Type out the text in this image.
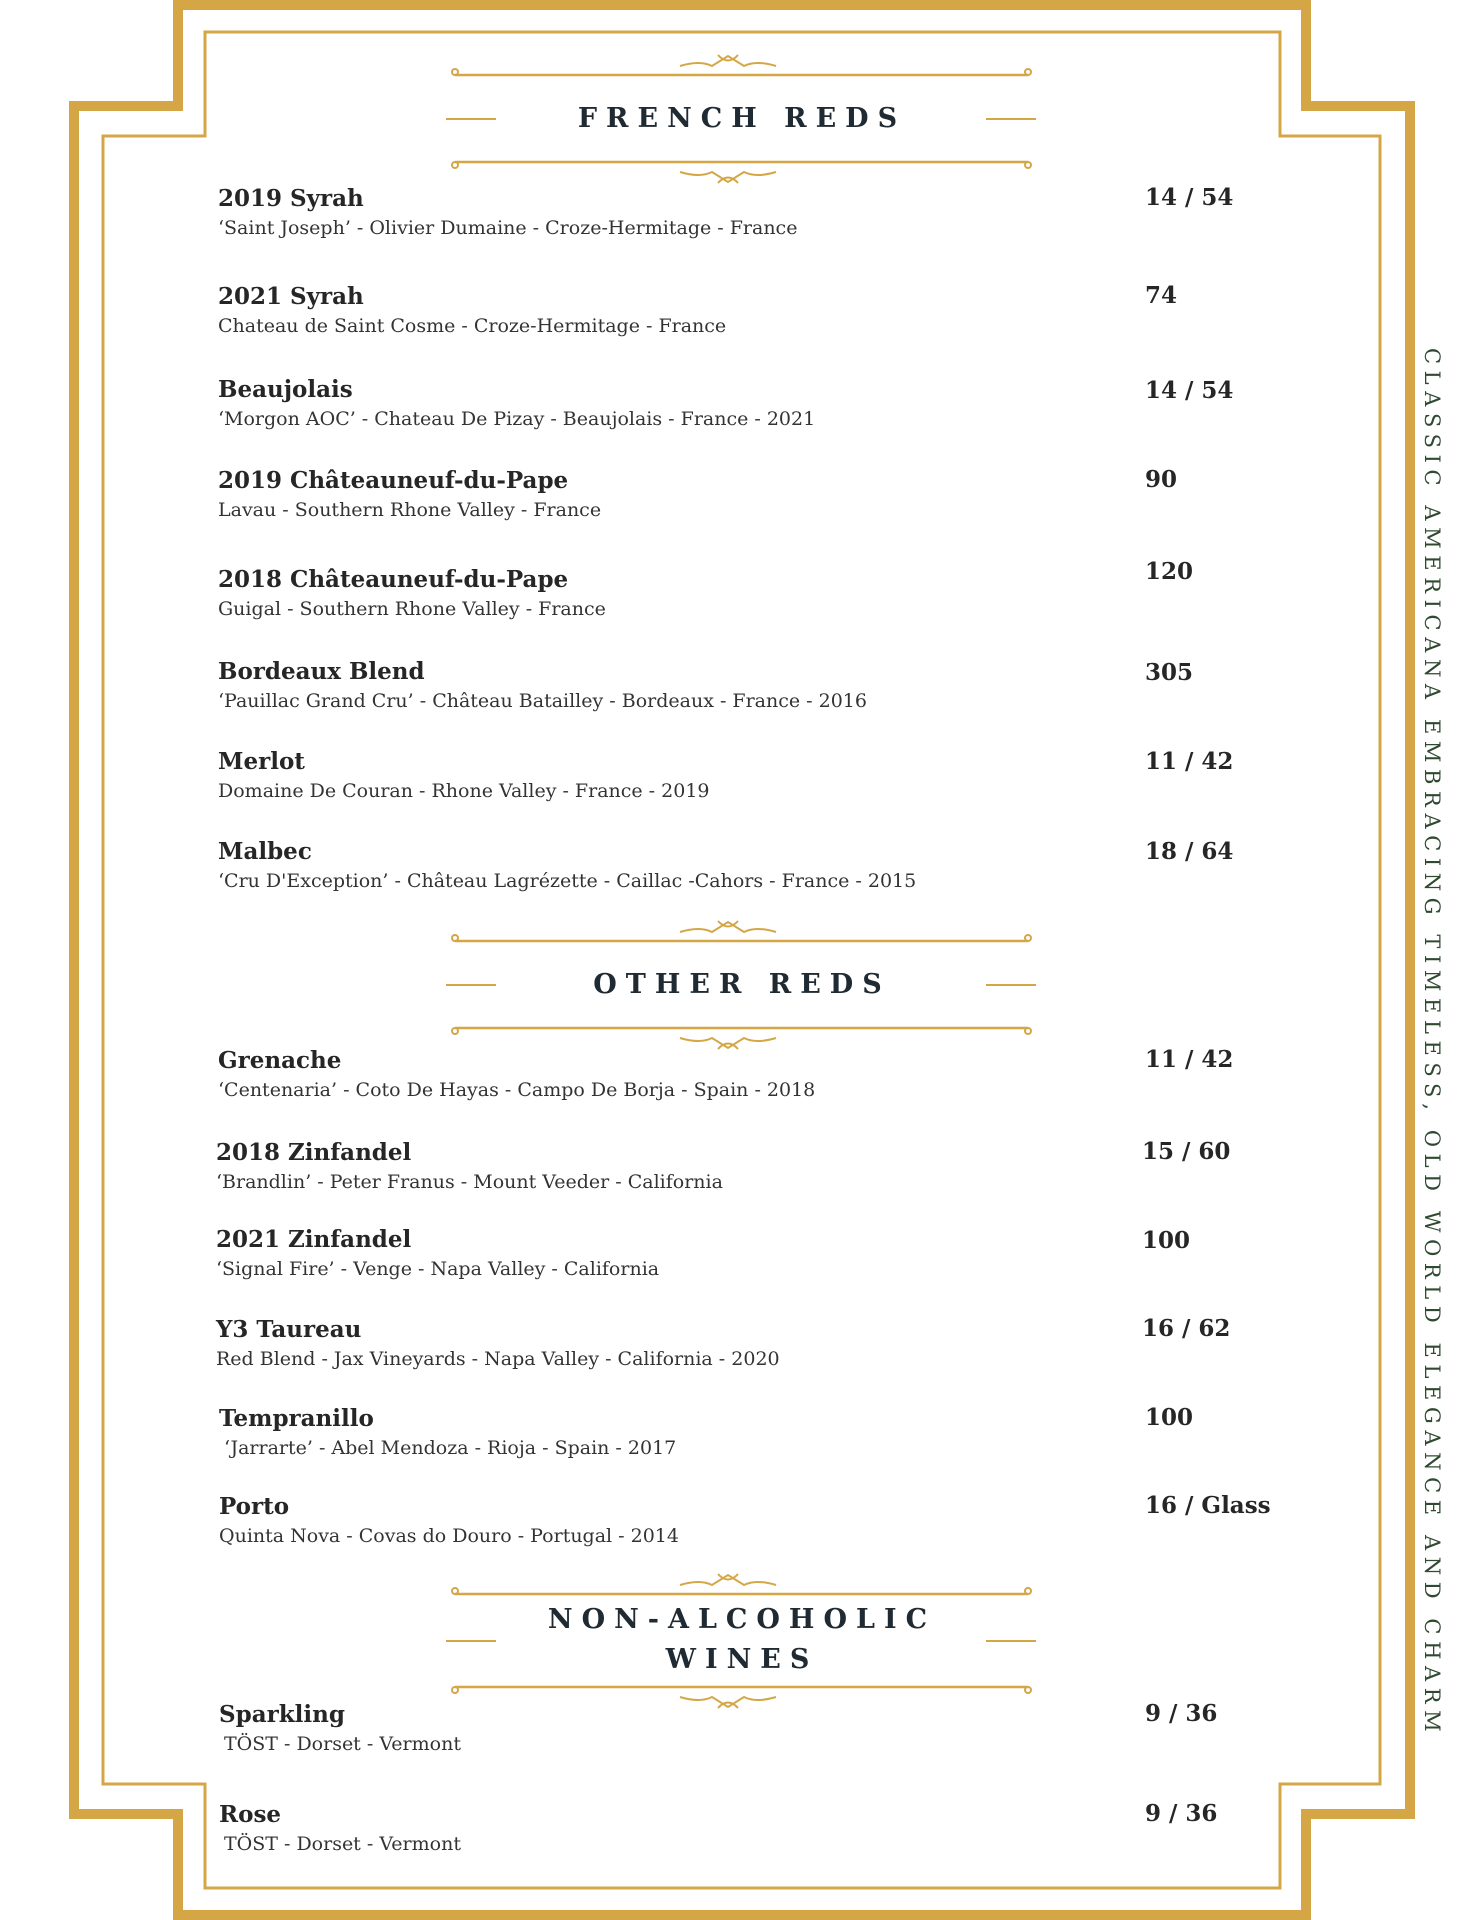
FRENCH REDS
OTHER REDS
NON-ALCOHOLIC
WINES
2019 Syrah
‘Saint Joseph’ - Olivier Dumaine - Croze-Hermitage - France
14 / 54
2021 Syrah
Chateau de Saint Cosme - Croze-Hermitage - France
74
Beaujolais
‘Morgon AOC’ - Chateau De Pizay - Beaujolais - France - 2021
14 / 54
2019 Châteauneuf-du-Pape
Lavau - Southern Rhone Valley - France
90
2018 Châteauneuf-du-Pape
Guigal - Southern Rhone Valley - France
120
Bordeaux Blend
‘Pauillac Grand Cru’ - Château Batailley - Bordeaux - France - 2016
305
Merlot
Domaine De Couran - Rhone Valley - France - 2019
11 / 42
Malbec
‘Cru D'Exception’ - Château Lagrézette - Caillac -Cahors - France - 2015
18 / 64
Grenache
‘Centenaria’ - Coto De Hayas - Campo De Borja - Spain - 2018
11 / 42
2018 Zinfandel
‘Brandlin’ - Peter Franus - Mount Veeder - California
15 / 60
2021 Zinfandel
‘Signal Fire’ - Venge - Napa Valley - California
100
Y3 Taureau
Red Blend - Jax Vineyards - Napa Valley - California - 2020
16 / 62
Tempranillo
‘Jarrarte’ - Abel Mendoza - Rioja - Spain - 2017
100
Porto
Quinta Nova - Covas do Douro - Portugal - 2014
16 / Glass
Sparkling
TÖST - Dorset - Vermont
9 / 36
Rose
TÖST - Dorset - Vermont
9 / 36
CLASSIC AMERICANA EMBRACING TIMELESS, OLD WORLD ELEGANCE AND CHARM
